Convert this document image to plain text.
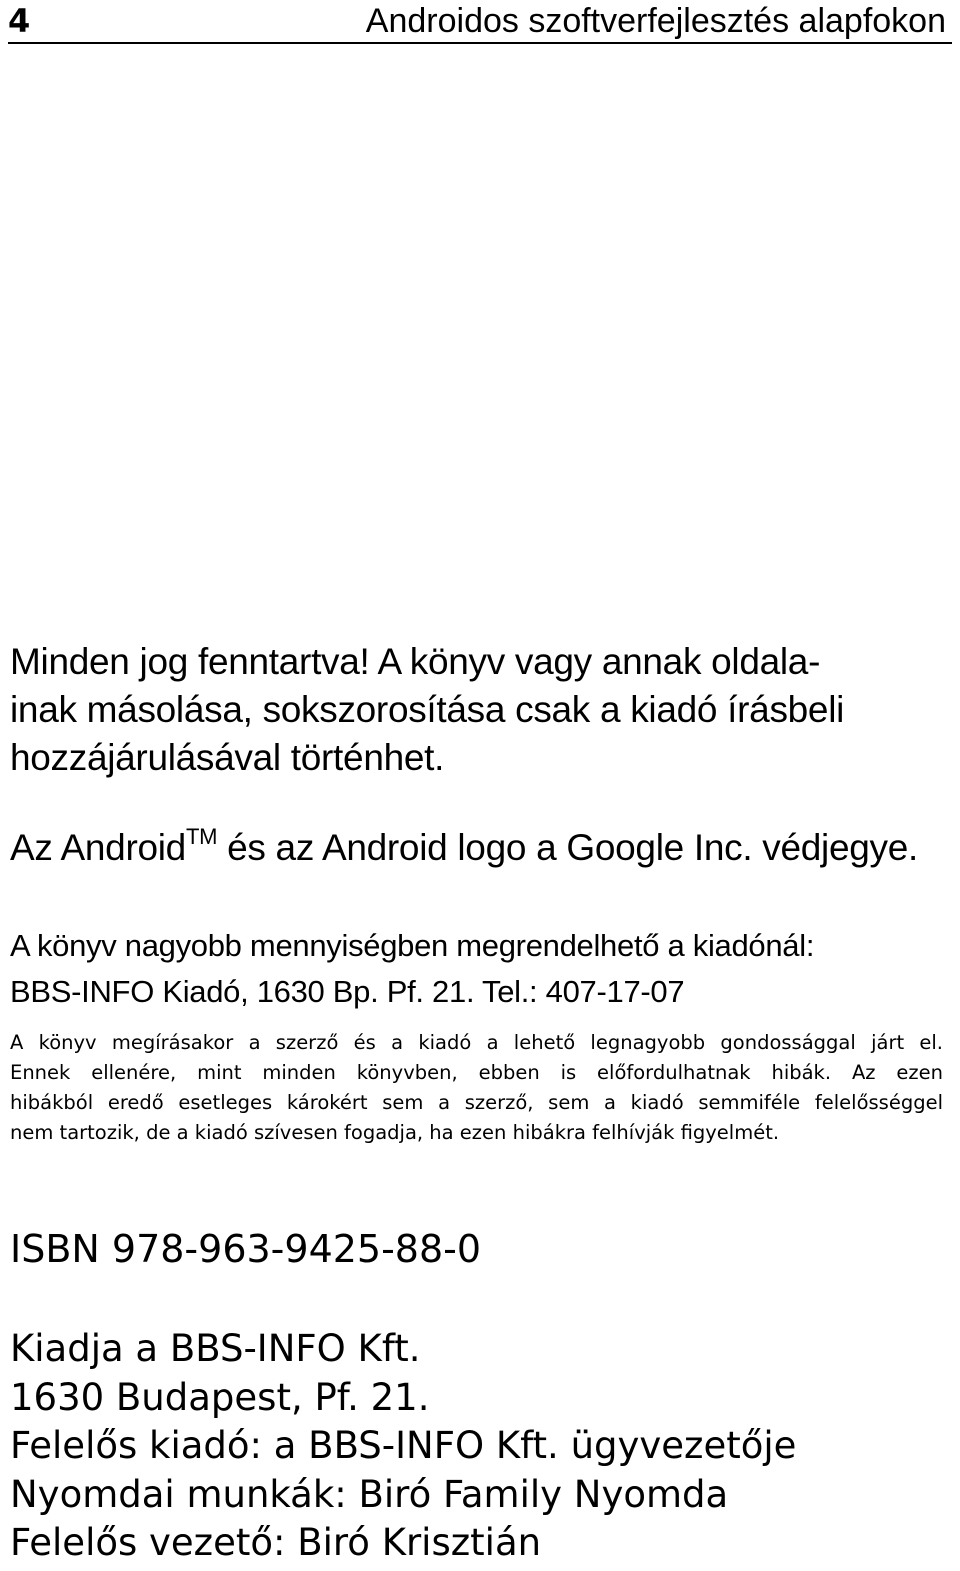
4	Androidos szoftverfejlesztés alapfokon
Minden jog fenntartva! A könyv vagy annak oldala-
inak másolása, sokszorosítása csak a kiadó írásbeli
hozzájárulásával történhet.
Az Android™ és az Android logo a Google Inc. védjegye.
A könyv nagyobb mennyiségben megrendelhető a kiadónál:
BBS-INFO Kiadó, 1630 Bp. Pf. 21. Tel.: 407-17-07
A könyv megírásakor a szerző és a kiadó a lehető legnagyobb gondossággal járt el.
Ennek ellenére, mint minden könyvben, ebben is előfordulhatnak hibák. Az ezen
hibákból eredő esetleges károkért sem a szerző, sem a kiadó semmiféle felelősséggel
nem tartozik, de a kiadó szívesen fogadja, ha ezen hibákra felhívják figyelmét.
ISBN 978-963-9425-88-0
Kiadja a BBS-INFO Kft.
1630 Budapest, Pf. 21.
Felelős kiadó: a BBS-INFO Kft. ügyvezetője
Nyomdai munkák: Biró Family Nyomda
Felelős vezető: Biró Krisztián
